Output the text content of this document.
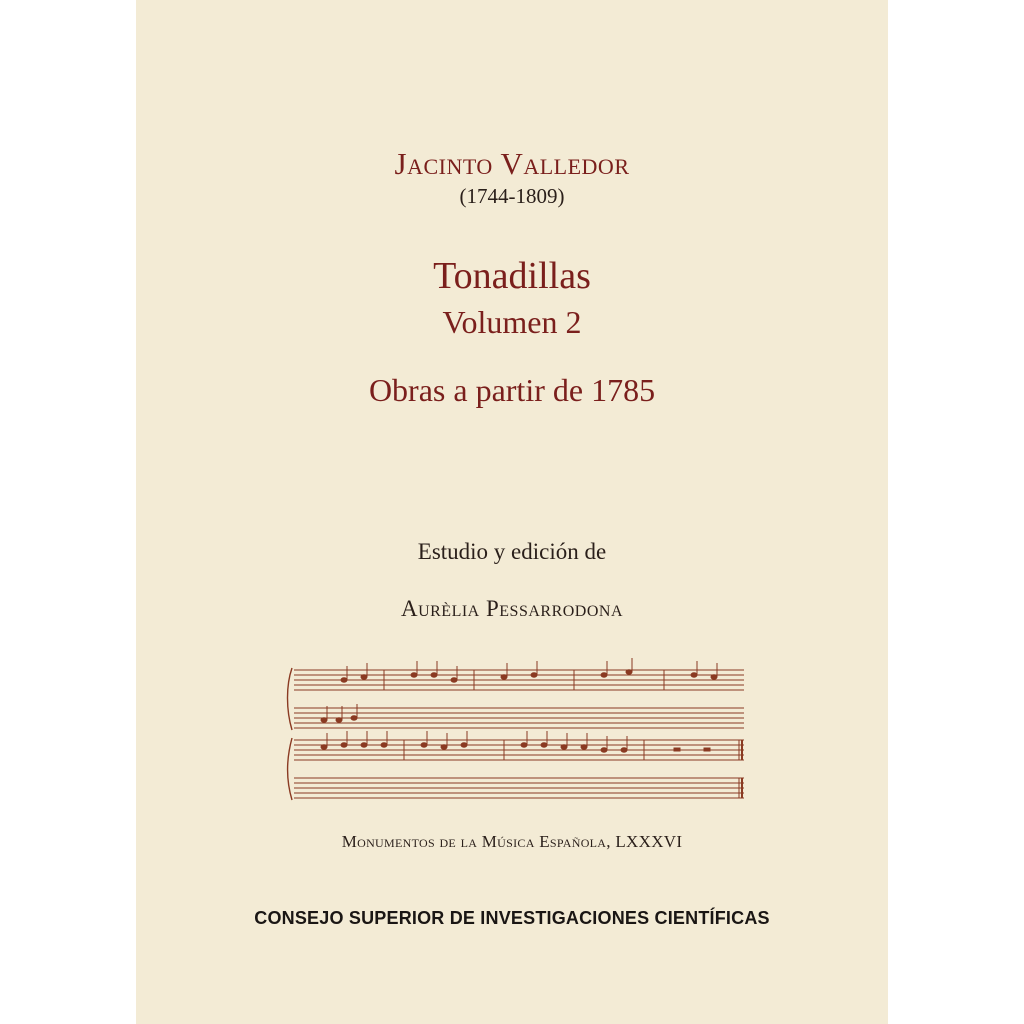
Jacinto Valledor
(1744-1809)
Tonadillas
Volumen 2
Obras a partir de 1785
Estudio y edición de
Aurèlia Pessarrodona
Monumentos de la Música Española, LXXXVI
CONSEJO SUPERIOR DE INVESTIGACIONES CIENTÍFICAS
